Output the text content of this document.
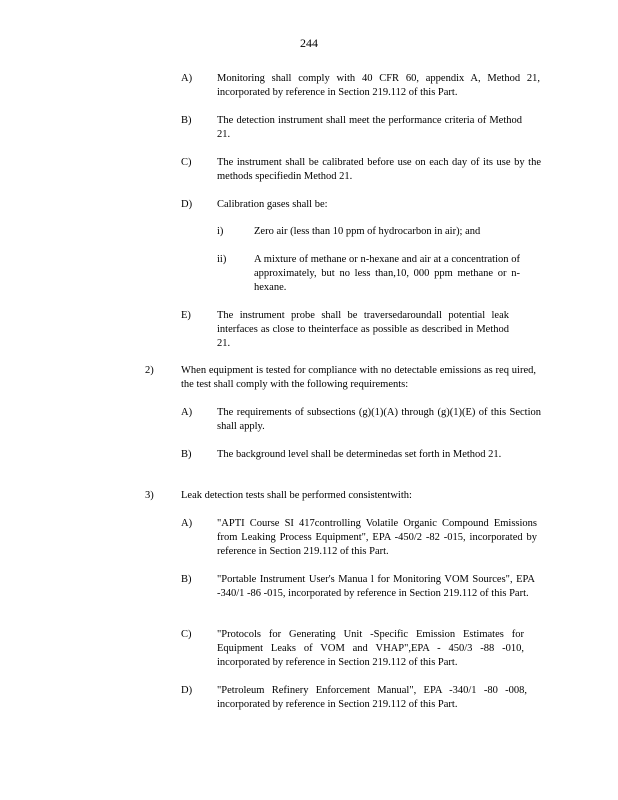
244
A) Monitoring shall comply with 40 CFR 60, appendix A, Method 21, incorporated by reference in Section 219.112 of this Part.
B) The detection instrument shall meet the performance criteria of Method 21.
C) The instrument shall be calibrated before use on each day of its use by the methods specifiedin Method 21.
D) Calibration gases shall be:
i)	Zero air (less than 10 ppm of hydrocarbon in air); and
ii)	A mixture of methane or n-hexane and air at a concentration of approximately, but no less than,10, 000 ppm methane or n-hexane.
E) The instrument probe shall be traversedaroundall potential leak interfaces as close to theinterface as possible as described in Method 21.
2)	When equipment is tested for compliance with no detectable emissions as req uired, the test shall comply with the following requirements:
A) The requirements of subsections (g)(1)(A) through (g)(1)(E) of this Section shall apply.
B) The background level shall be determinedas set forth in Method 21.
3)	Leak detection tests shall be performed consistentwith:
A) "APTI Course SI 417controlling Volatile Organic Compound Emissions from Leaking Process Equipment", EPA -450/2 -82 -015, incorporated by reference in Section 219.112 of this Part.
B) "Portable Instrument User's Manua l for Monitoring VOM Sources", EPA -340/1 -86 -015, incorporated by reference in Section 219.112 of this Part.
C) "Protocols for Generating Unit -Specific Emission Estimates for Equipment Leaks of VOM and VHAP",EPA - 450/3 -88 -010, incorporated by reference in Section 219.112 of this Part.
D) "Petroleum Refinery Enforcement Manual", EPA -340/1 -80 -008, incorporated by reference in Section 219.112 of this Part.
